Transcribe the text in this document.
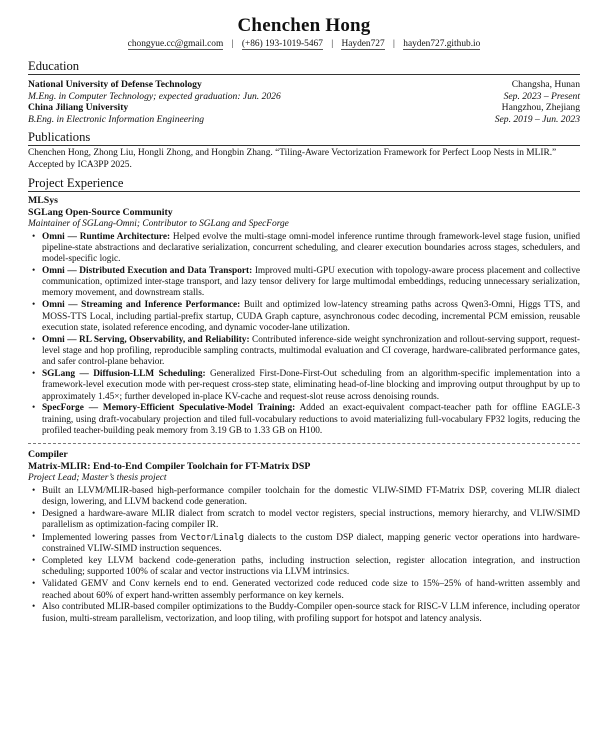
Chenchen Hong
chongyue.cc@gmail.com | (+86) 193-1019-5467 | Hayden727 | hayden727.github.io
Education
National University of Defense Technology	Changsha, Hunan
M.Eng. in Computer Technology; expected graduation: Jun. 2026	Sep. 2023 – Present
China Jiliang University	Hangzhou, Zhejiang
B.Eng. in Electronic Information Engineering	Sep. 2019 – Jun. 2023
Publications
Chenchen Hong, Zhong Liu, Hongli Zhong, and Hongbin Zhang. “Tiling-Aware Vectorization Framework for Perfect Loop Nests in MLIR.” Accepted by ICA3PP 2025.
Project Experience
MLSys
SGLang Open-Source Community
Maintainer of SGLang-Omni; Contributor to SGLang and SpecForge
• Omni — Runtime Architecture: Helped evolve the multi-stage omni-model inference runtime through framework-level stage fusion, unified pipeline-state abstractions and declarative serialization, concurrent scheduling, and clearer execution boundaries across stages, schedulers, and model-specific logic.
• Omni — Distributed Execution and Data Transport: Improved multi-GPU execution with topology-aware process placement and collective communication, optimized inter-stage transport, and lazy tensor delivery for large multimodal embeddings, reducing unnecessary serialization, memory movement, and downstream stalls.
• Omni — Streaming and Inference Performance: Built and optimized low-latency streaming paths across Qwen3-Omni, Higgs TTS, and MOSS-TTS Local, including partial-prefix startup, CUDA Graph capture, asynchronous codec decoding, incremental PCM emission, reusable execution state, isolated reference encoding, and dynamic vocoder-lane utilization.
• Omni — RL Serving, Observability, and Reliability: Contributed inference-side weight synchronization and rollout-serving support, request-level stage and hop profiling, reproducible sampling contracts, multimodal evaluation and CI coverage, hardware-calibrated performance gates, and safer control-plane behavior.
• SGLang — Diffusion-LLM Scheduling: Generalized First-Done-First-Out scheduling from an algorithm-specific implementation into a framework-level execution mode with per-request cross-step state, eliminating head-of-line blocking and improving output throughput by up to approximately 1.45×; further developed in-place KV-cache and request-slot reuse across denoising rounds.
• SpecForge — Memory-Efficient Speculative-Model Training: Added an exact-equivalent compact-teacher path for offline EAGLE-3 training, using draft-vocabulary projection and tiled full-vocabulary reductions to avoid materializing full-vocabulary FP32 logits, reducing the profiled teacher-building peak memory from 3.19 GB to 1.33 GB on H100.
Compiler
Matrix-MLIR: End-to-End Compiler Toolchain for FT-Matrix DSP
Project Lead; Master’s thesis project
• Built an LLVM/MLIR-based high-performance compiler toolchain for the domestic VLIW-SIMD FT-Matrix DSP, covering MLIR dialect design, lowering, and LLVM backend code generation.
• Designed a hardware-aware MLIR dialect from scratch to model vector registers, special instructions, memory hierarchy, and VLIW/SIMD parallelism as optimization-facing compiler IR.
• Implemented lowering passes from Vector/Linalg dialects to the custom DSP dialect, mapping generic vector operations into hardware-constrained VLIW-SIMD instruction sequences.
• Completed key LLVM backend code-generation paths, including instruction selection, register allocation integration, and instruction scheduling; supported 100% of scalar and vector instructions via LLVM intrinsics.
• Validated GEMV and Conv kernels end to end. Generated vectorized code reduced code size to 15%–25% of hand-written assembly and reached about 60% of expert hand-written assembly performance on key kernels.
• Also contributed MLIR-based compiler optimizations to the Buddy-Compiler open-source stack for RISC-V LLM inference, including operator fusion, multi-stream parallelism, vectorization, and loop tiling, with profiling support for hotspot and latency analysis.
